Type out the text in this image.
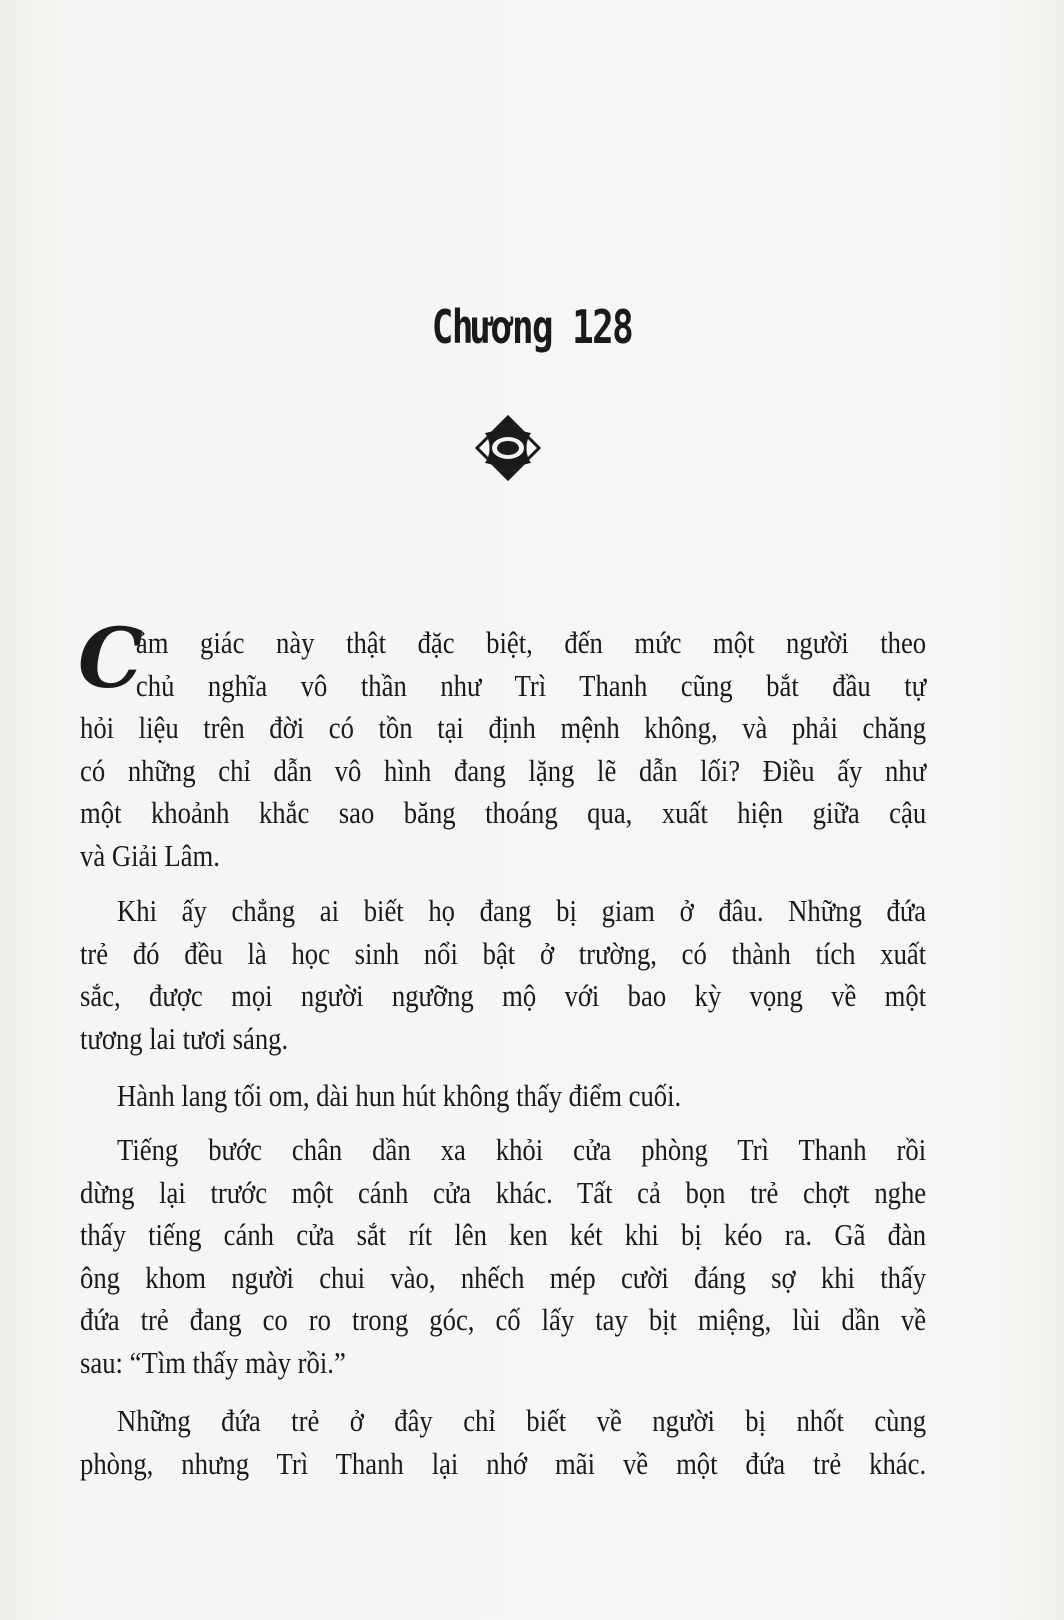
Chương 128
C
ảm giác này thật đặc biệt, đến mức một người theo
chủ nghĩa vô thần như Trì Thanh cũng bắt đầu tự
hỏi liệu trên đời có tồn tại định mệnh không, và phải chăng
có những chỉ dẫn vô hình đang lặng lẽ dẫn lối? Điều ấy như
một khoảnh khắc sao băng thoáng qua, xuất hiện giữa cậu
và Giải Lâm.
Khi ấy chẳng ai biết họ đang bị giam ở đâu. Những đứa
trẻ đó đều là học sinh nổi bật ở trường, có thành tích xuất
sắc, được mọi người ngưỡng mộ với bao kỳ vọng về một
tương lai tươi sáng.
Hành lang tối om, dài hun hút không thấy điểm cuối.
Tiếng bước chân dần xa khỏi cửa phòng Trì Thanh rồi
dừng lại trước một cánh cửa khác. Tất cả bọn trẻ chợt nghe
thấy tiếng cánh cửa sắt rít lên ken két khi bị kéo ra. Gã đàn
ông khom người chui vào, nhếch mép cười đáng sợ khi thấy
đứa trẻ đang co ro trong góc, cố lấy tay bịt miệng, lùi dần về
sau: “Tìm thấy mày rồi.”
Những đứa trẻ ở đây chỉ biết về người bị nhốt cùng
phòng, nhưng Trì Thanh lại nhớ mãi về một đứa trẻ khác.
